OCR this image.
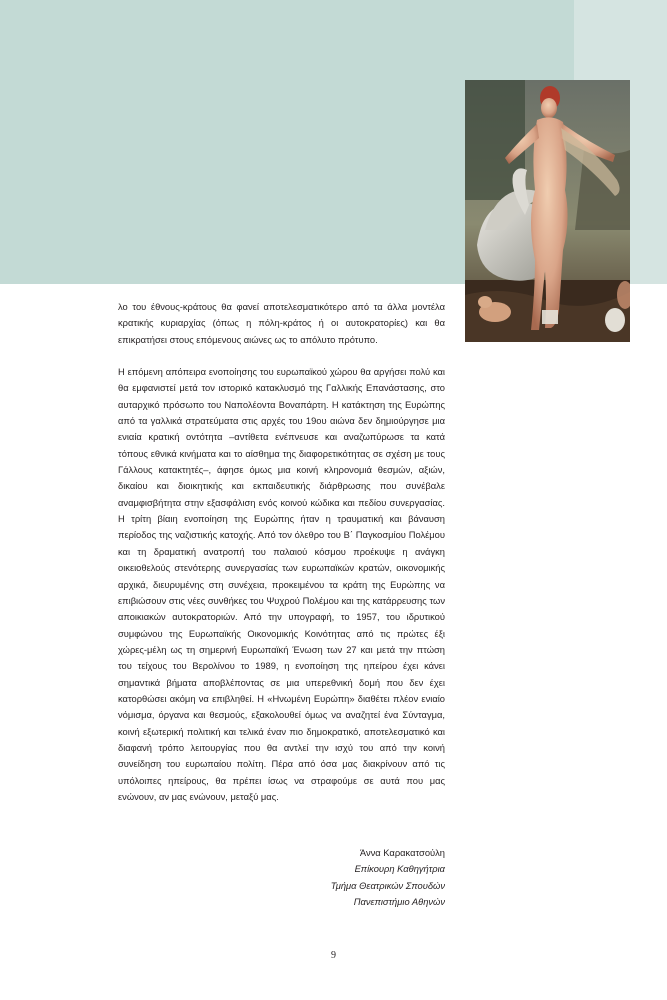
λο του έθνους-κράτους θα φανεί αποτελεσματικότερο από τα άλλα μοντέλα κρατικής κυριαρχίας (όπως η πόλη-κράτος ή οι αυτοκρατορίες) και θα επικρατήσει στους επόμενους αιώνες ως το απόλυτο πρότυπο.

Η επόμενη απόπειρα ενοποίησης του ευρωπαϊκού χώρου θα αργήσει πολύ και θα εμφανιστεί μετά τον ιστορικό κατακλυσμό της Γαλλικής Επανάστασης, στο αυταρχικό πρόσωπο του Ναπολέοντα Βοναπάρτη. Η κατάκτηση της Ευρώπης από τα γαλλικά στρατεύματα στις αρχές του 19ου αιώνα δεν δημιούργησε μια ενιαία κρατική οντότητα –αντίθετα ενέπνευσε και αναζωπύρωσε τα κατά τόπους εθνικά κινήματα και το αίσθημα της διαφορετικότητας σε σχέση με τους Γάλλους κατακτητές–, άφησε όμως μια κοινή κληρονομιά θεσμών, αξιών, δικαίου και διοικητικής και εκπαιδευτικής διάρθρωσης που συνέβαλε αναμφισβήτητα στην εξασφάλιση ενός κοινού κώδικα και πεδίου συνεργασίας. Η τρίτη βίαιη ενοποίηση της Ευρώπης ήταν η τραυματική και βάναυση περίοδος της ναζιστικής κατοχής. Από τον όλεθρο του Β΄ Παγκοσμίου Πολέμου και τη δραματική ανατροπή του παλαιού κόσμου προέκυψε η ανάγκη οικειοθελούς στενότερης συνεργασίας των ευρωπαϊκών κρατών, οικονομικής αρχικά, διευρυμένης στη συνέχεια, προκειμένου τα κράτη της Ευρώπης να επιβιώσουν στις νέες συνθήκες του Ψυχρού Πολέμου και της κατάρρευσης των αποικιακών αυτοκρατοριών. Από την υπογραφή, το 1957, του ιδρυτικού συμφώνου της Ευρωπαϊκής Οικονομικής Κοινότητας από τις πρώτες έξι χώρες-μέλη ως τη σημερινή Ευρωπαϊκή Ένωση των 27 και μετά την πτώση του τείχους του Βερολίνου το 1989, η ενοποίηση της ηπείρου έχει κάνει σημαντικά βήματα αποβλέποντας σε μια υπερεθνική δομή που δεν έχει κατορθώσει ακόμη να επιβληθεί. Η «Ηνωμένη Ευρώπη» διαθέτει πλέον ενιαίο νόμισμα, όργανα και θεσμούς, εξακολουθεί όμως να αναζητεί ένα Σύνταγμα, κοινή εξωτερική πολιτική και τελικά έναν πιο δημοκρατικό, αποτελεσματικό και διαφανή τρόπο λειτουργίας που θα αντλεί την ισχύ του από την κοινή συνείδηση του ευρωπαίου πολίτη. Πέρα από όσα μας διακρίνουν από τις υπόλοιπες ηπείρους, θα πρέπει ίσως να στραφούμε σε αυτά που μας ενώνουν, αν μας ενώνουν, μεταξύ μας.

Άννα Καρακατσούλη
Επίκουρη Καθηγήτρια
Τμήμα Θεατρικών Σπουδών
Πανεπιστήμιο Αθηνών
9
